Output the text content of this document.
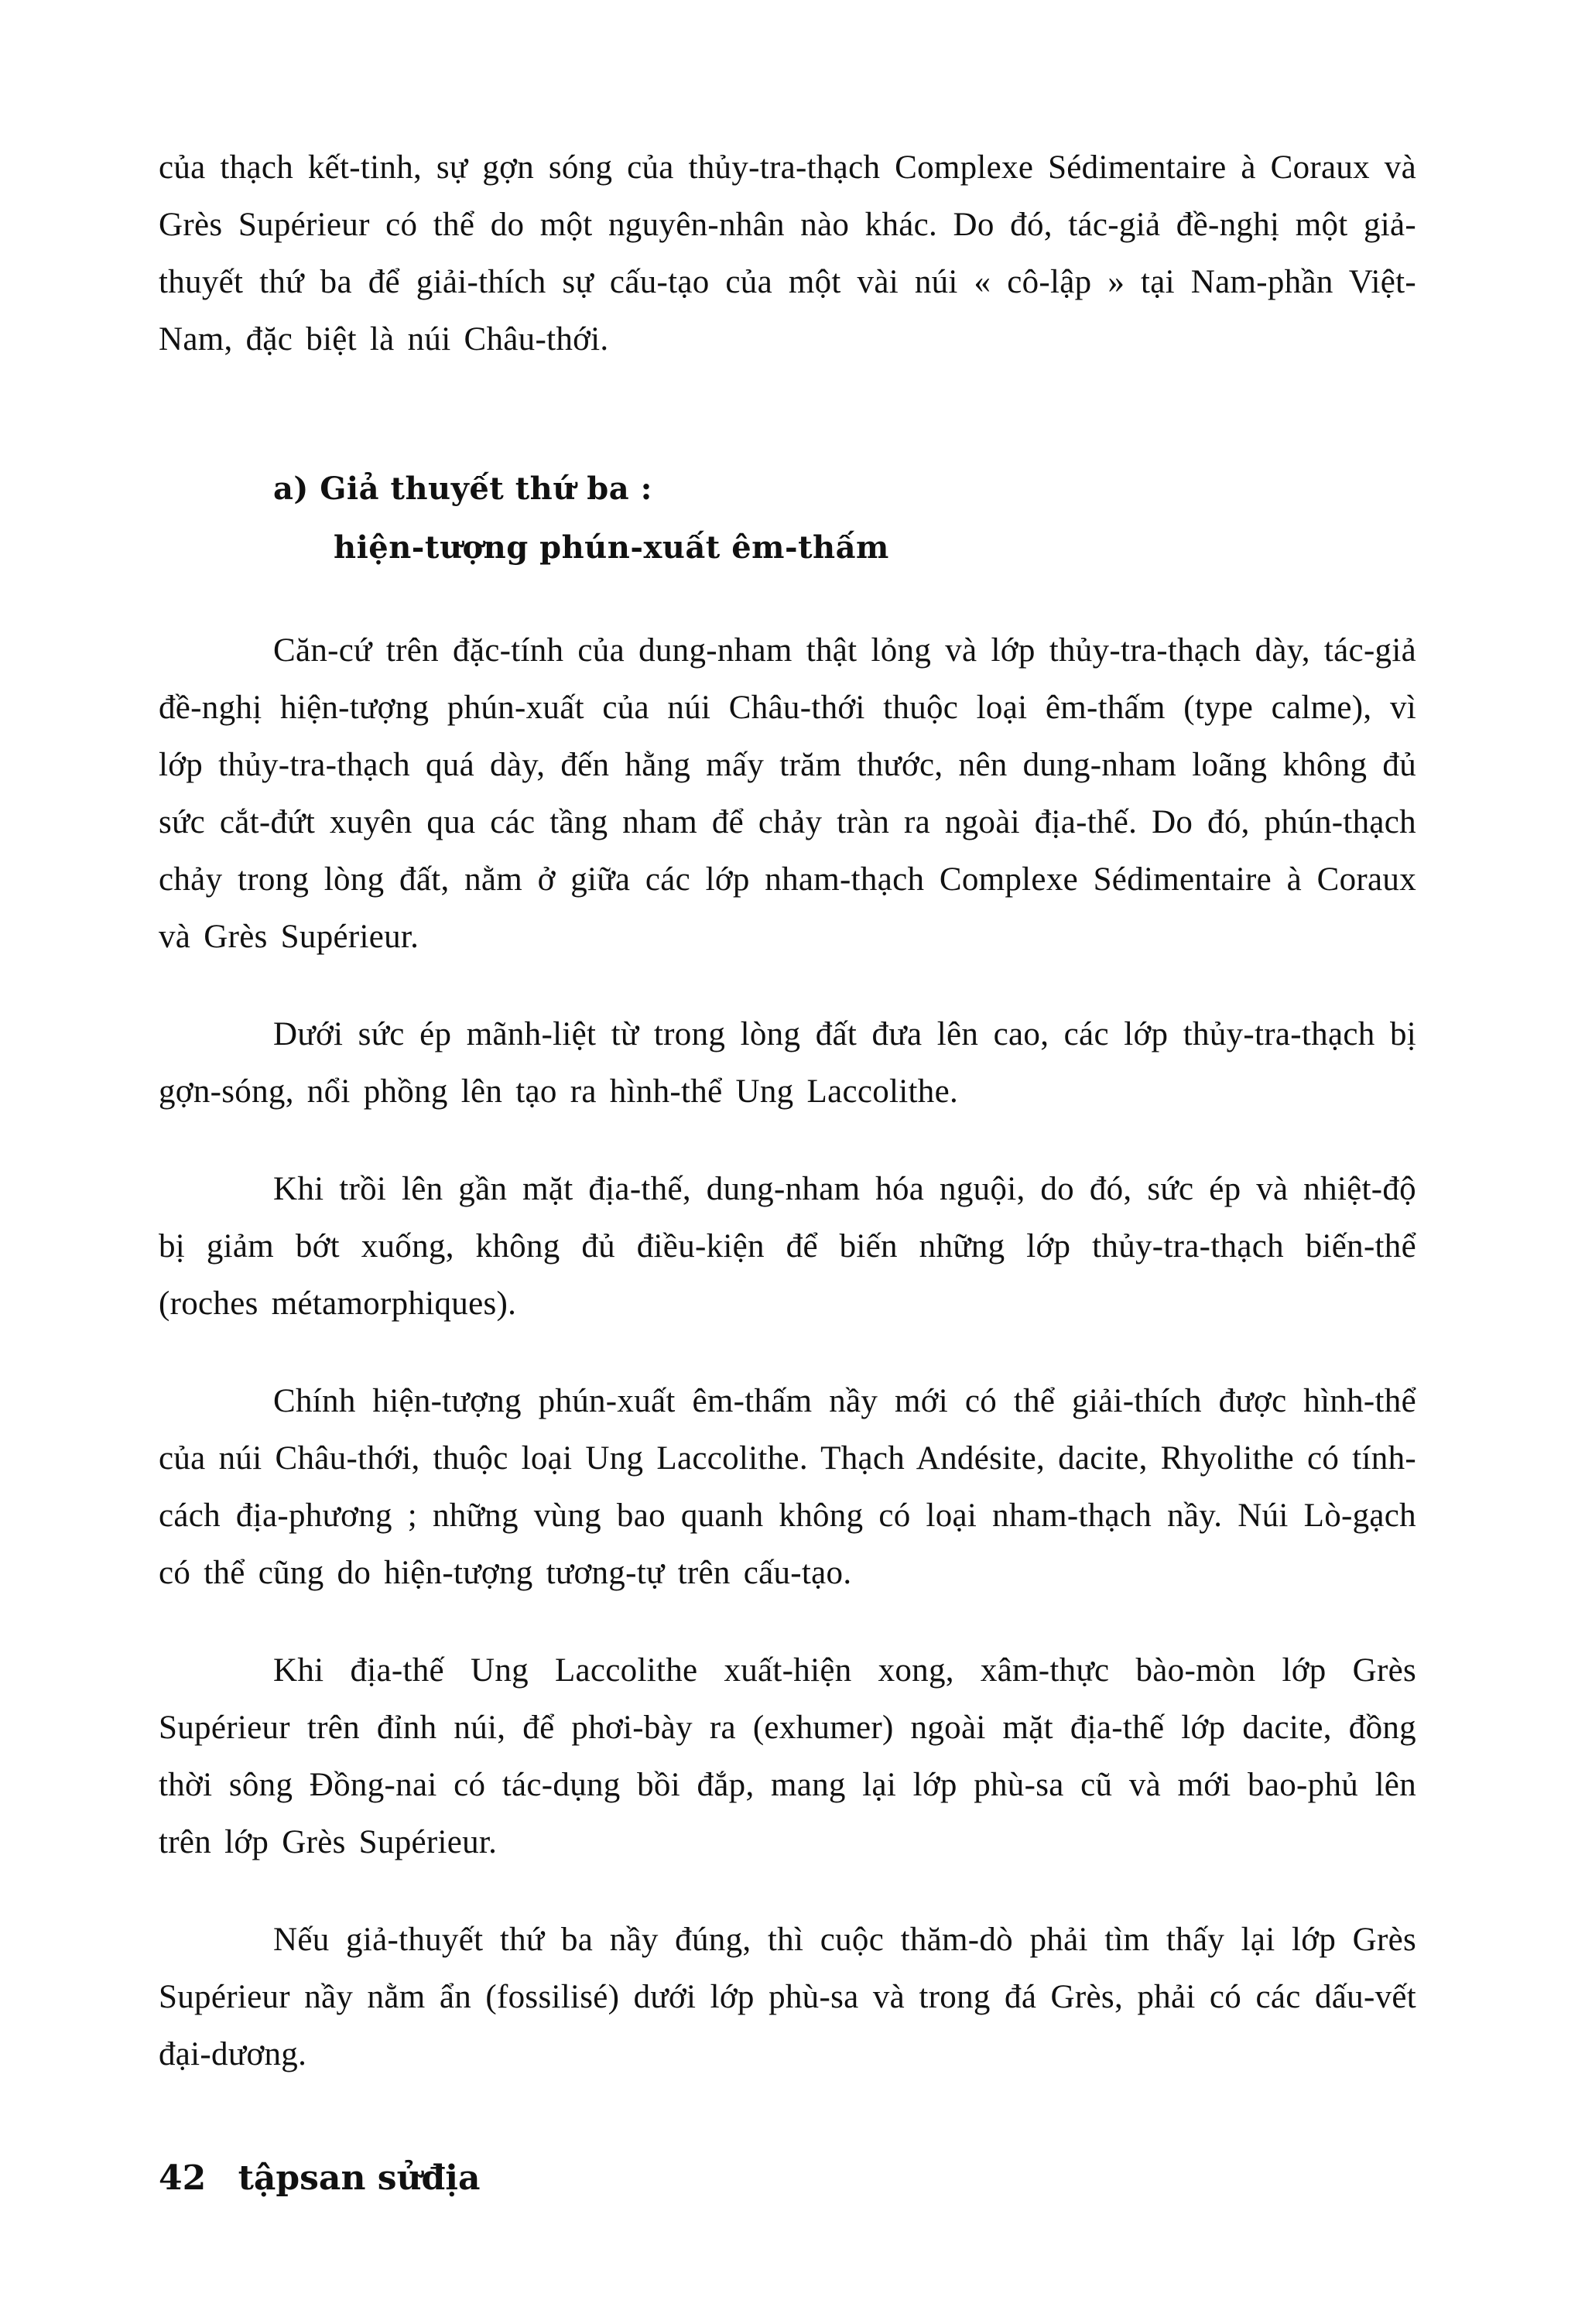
của thạch kết-tinh, sự gợn sóng của thủy-tra-thạch Complexe Sédimentaire à Coraux và Grès Supérieur có thể do một nguyên-nhân nào khác. Do đó, tác-giả đề-nghị một giả-thuyết thứ ba để giải-thích sự cấu-tạo của một vài núi « cô-lập » tại Nam-phần Việt-Nam, đặc biệt là núi Châu-thới.

a) Giả thuyết thứ ba :

hiện-tượng phún-xuất êm-thấm

Căn-cứ trên đặc-tính của dung-nham thật lỏng và lớp thủy-tra-thạch dày, tác-giả đề-nghị hiện-tượng phún-xuất của núi Châu-thới thuộc loại êm-thấm (type calme), vì lớp thủy-tra-thạch quá dày, đến hằng mấy trăm thước, nên dung-nham loãng không đủ sức cắt-đứt xuyên qua các tầng nham để chảy tràn ra ngoài địa-thế. Do đó, phún-thạch chảy trong lòng đất, nằm ở giữa các lớp nham-thạch Complexe Sédimentaire à Coraux và Grès Supérieur.

Dưới sức ép mãnh-liệt từ trong lòng đất đưa lên cao, các lớp thủy-tra-thạch bị gợn-sóng, nổi phồng lên tạo ra hình-thể Ung Laccolithe.

Khi trồi lên gần mặt địa-thế, dung-nham hóa nguội, do đó, sức ép và nhiệt-độ bị giảm bớt xuống, không đủ điều-kiện để biến những lớp thủy-tra-thạch biến-thể (roches métamorphiques).

Chính hiện-tượng phún-xuất êm-thấm nầy mới có thể giải-thích được hình-thể của núi Châu-thới, thuộc loại Ung Laccolithe. Thạch Andésite, dacite, Rhyolithe có tính-cách địa-phương ; những vùng bao quanh không có loại nham-thạch nầy. Núi Lò-gạch có thể cũng do hiện-tượng tương-tự trên cấu-tạo.

Khi địa-thế Ung Laccolithe xuất-hiện xong, xâm-thực bào-mòn lớp Grès Supérieur trên đỉnh núi, để phơi-bày ra (exhumer) ngoài mặt địa-thế lớp dacite, đồng thời sông Đồng-nai có tác-dụng bồi đắp, mang lại lớp phù-sa cũ và mới bao-phủ lên trên lớp Grès Supérieur.

Nếu giả-thuyết thứ ba nầy đúng, thì cuộc thăm-dò phải tìm thấy lại lớp Grès Supérieur nầy nằm ẩn (fossilisé) dưới lớp phù-sa và trong đá Grès, phải có các dấu-vết đại-dương.

42 tậpsan sửđịa
